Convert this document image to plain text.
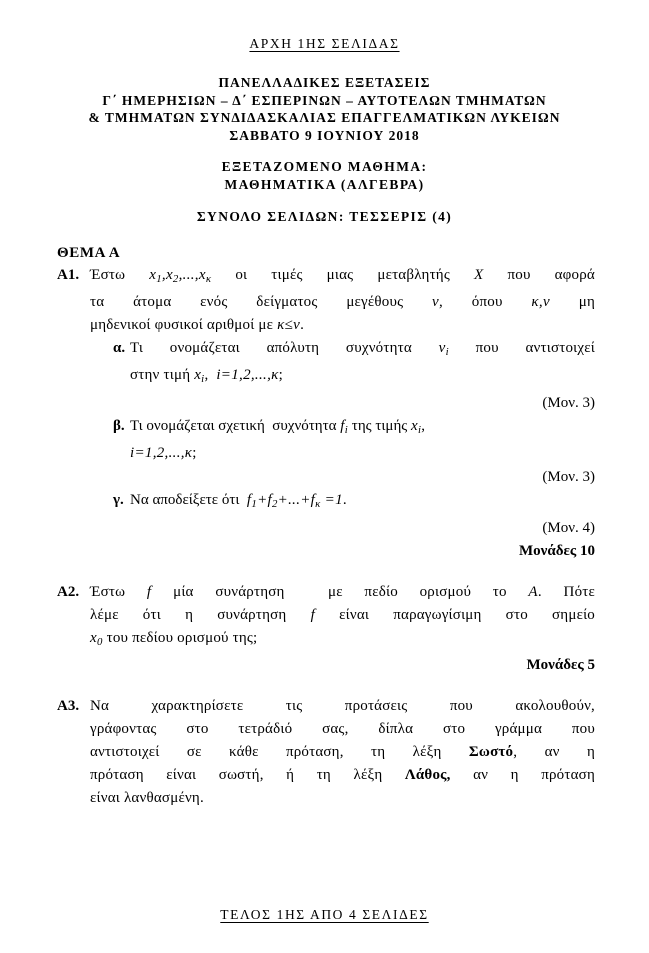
ΑΡΧΗ 1ΗΣ ΣΕΛΙΔΑΣ
ΠΑΝΕΛΛΑΔΙΚΕΣ ΕΞΕΤΑΣΕΙΣ
Γ΄ ΗΜΕΡΗΣΙΩΝ – Δ΄ ΕΣΠΕΡΙΝΩΝ – ΑΥΤΟΤΕΛΩΝ ΤΜΗΜΑΤΩΝ
& ΤΜΗΜΑΤΩΝ ΣΥΝΔΙΔΑΣΚΑΛΙΑΣ ΕΠΑΓΓΕΛΜΑΤΙΚΩΝ ΛΥΚΕΙΩΝ
ΣΑΒΒΑΤΟ 9 ΙΟΥΝΙΟΥ 2018
ΕΞΕΤΑΖΟΜΕΝΟ ΜΑΘΗΜΑ:
ΜΑΘΗΜΑΤΙΚΑ (ΑΛΓΕΒΡΑ)
ΣΥΝΟΛΟ ΣΕΛΙΔΩΝ: ΤΕΣΣΕΡΙΣ (4)
ΘΕΜΑ Α
Α1. Έστω $x_1,x_2,...,x_\kappa$ οι τιμές μιας μεταβλητής X που αφορά

τα άτομα ενός δείγματος μεγέθους ν, όπου κ,ν μη

μηδενικοί φυσικοί αριθμοί με κ≤ν.

α. Τι ονομάζεται απόλυτη συχνότητα $\nu_i$ που αντιστοιχεί

στην τιμή $x_i$,  i=1,2,...,κ;

(Μον. 3)
β. Τι ονομάζεται σχετική  συχνότητα $f_i$ της τιμής $x_i$,

i=1,2,...,κ;

(Μον. 3)
γ. Να αποδείξετε ότι  $f_1+f_2+...+f_\kappa =1$.

(Μον. 4)
Μονάδες 10
Α2. Έστω f μία συνάρτηση  με πεδίο ορισμού το A. Πότε

λέμε ότι η συνάρτηση f είναι παραγωγίσιμη στο σημείο

$x_0$ του πεδίου ορισμού της;

Μονάδες 5
Α3. Να χαρακτηρίσετε τις προτάσεις που ακολουθούν,

γράφοντας στο τετράδιό σας, δίπλα στο γράμμα που

αντιστοιχεί σε κάθε πρόταση, τη λέξη Σωστό, αν η

πρόταση είναι σωστή, ή τη λέξη Λάθος, αν η πρόταση

είναι λανθασμένη.

ΤΕΛΟΣ 1ΗΣ ΑΠΟ 4 ΣΕΛΙΔΕΣ
